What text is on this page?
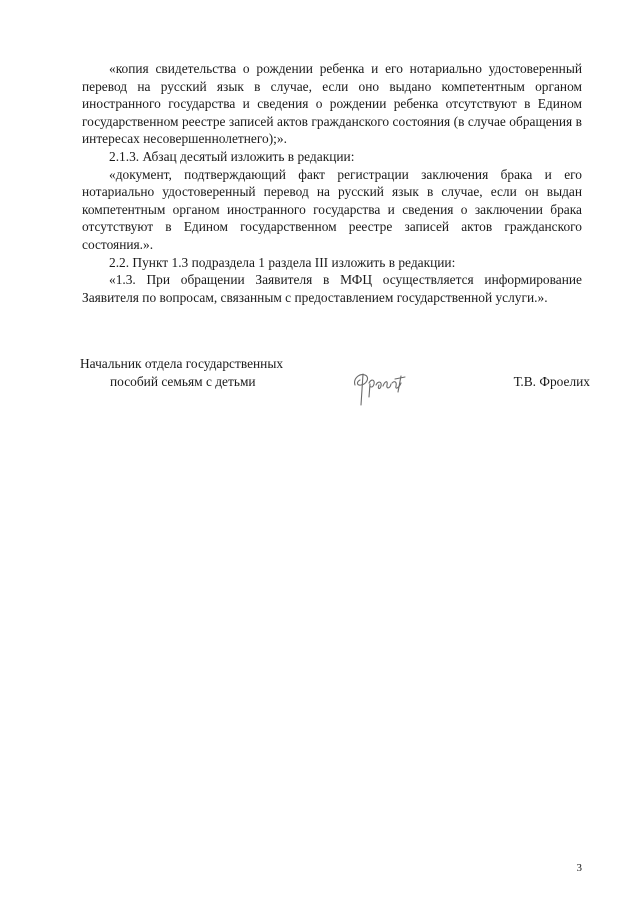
«копия свидетельства о рождении ребенка и его нотариально удостоверенный перевод на русский язык в случае, если оно выдано компетентным органом иностранного государства и сведения о рождении ребенка отсутствуют в Едином государственном реестре записей актов гражданского состояния (в случае обращения в интересах несовершеннолетнего);».

2.1.3. Абзац десятый изложить в редакции:

«документ, подтверждающий факт регистрации заключения брака и его нотариально удостоверенный перевод на русский язык в случае, если он выдан компетентным органом иностранного государства и сведения о заключении брака отсутствуют в Едином государственном реестре записей актов гражданского состояния.».

2.2. Пункт 1.3 подраздела 1 раздела III изложить в редакции:

«1.3. При обращении Заявителя в МФЦ осуществляется информирование Заявителя по вопросам, связанным с предоставлением государственной услуги.».

Начальник отдела государственных
пособий семьям с детьми	Т.В. Фроелих
3
